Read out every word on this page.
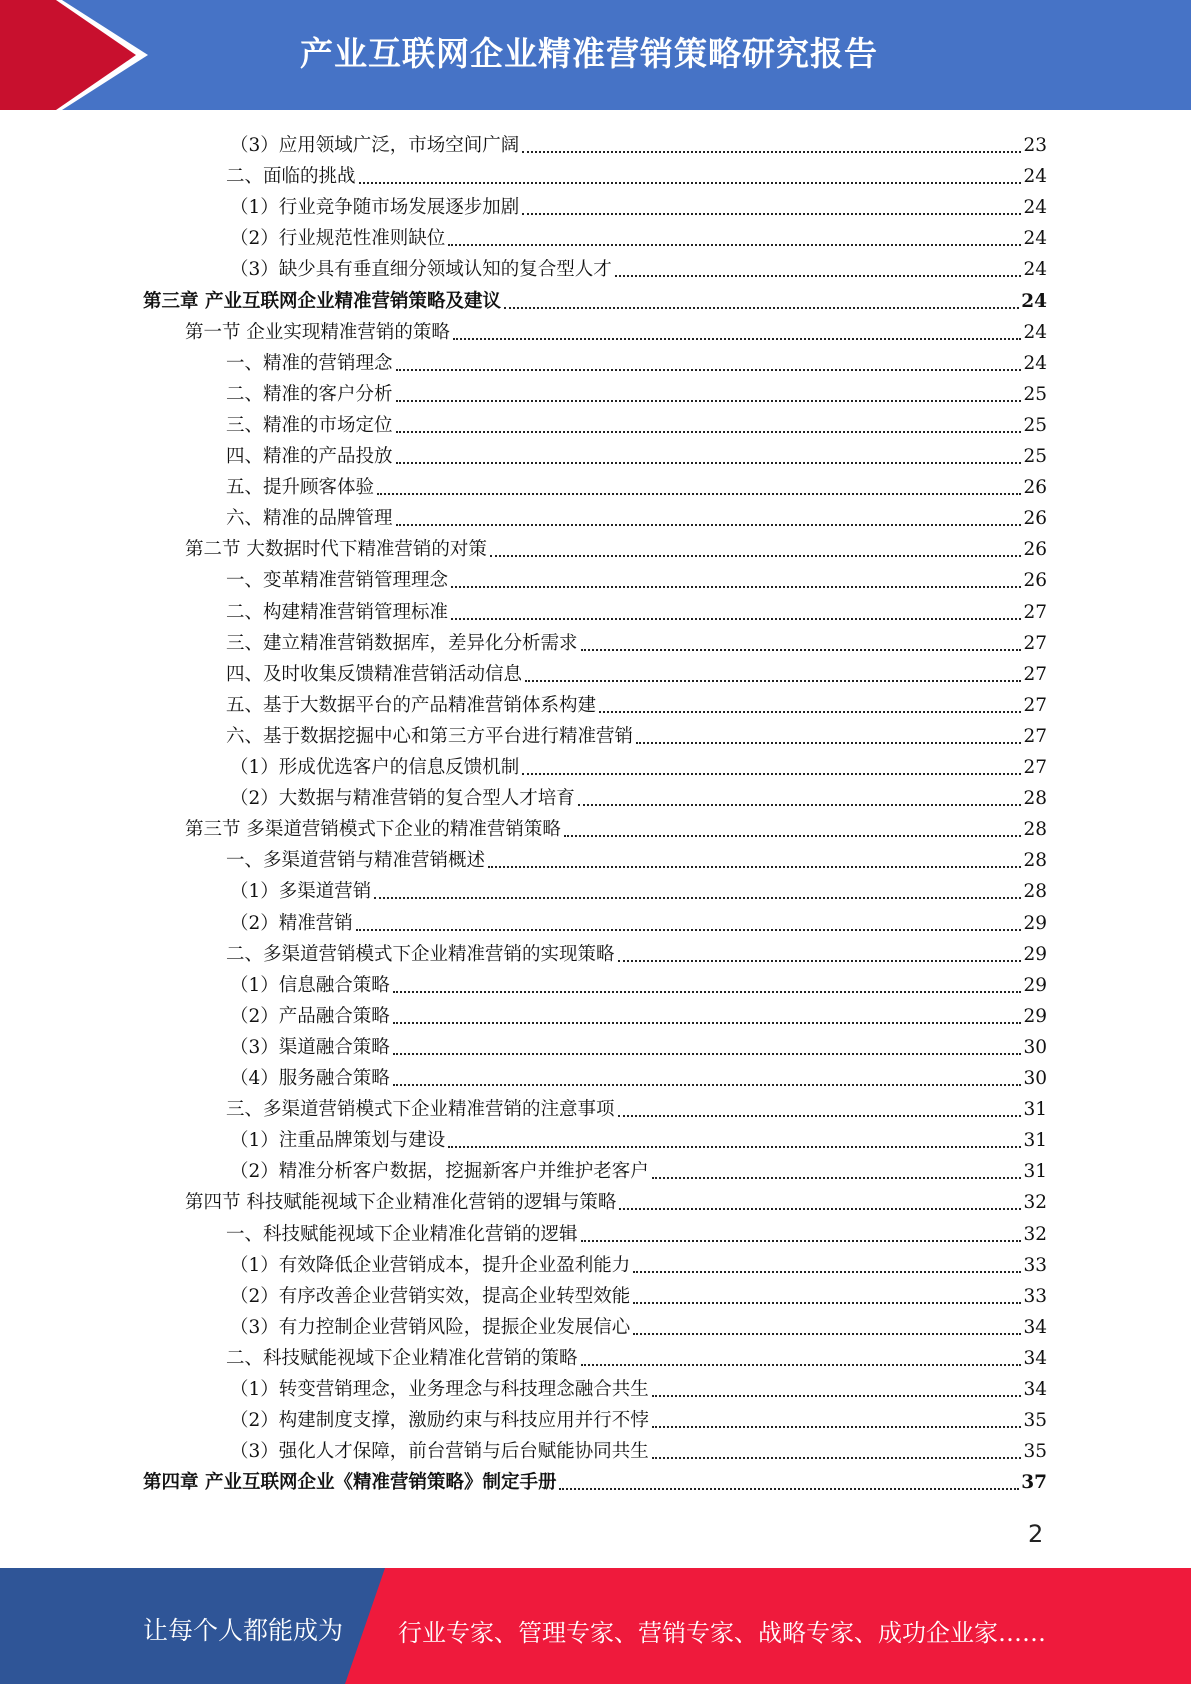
产业互联网企业精准营销策略研究报告
（3）应用领域广泛，市场空间广阔	23
二、面临的挑战	24
（1）行业竞争随市场发展逐步加剧	24
（2）行业规范性准则缺位	24
（3）缺少具有垂直细分领域认知的复合型人才	24
第三章 产业互联网企业精准营销策略及建议	24
第一节 企业实现精准营销的策略	24
一、精准的营销理念	24
二、精准的客户分析	25
三、精准的市场定位	25
四、精准的产品投放	25
五、提升顾客体验	26
六、精准的品牌管理	26
第二节 大数据时代下精准营销的对策	26
一、变革精准营销管理理念	26
二、构建精准营销管理标准	27
三、建立精准营销数据库，差异化分析需求	27
四、及时收集反馈精准营销活动信息	27
五、基于大数据平台的产品精准营销体系构建	27
六、基于数据挖掘中心和第三方平台进行精准营销	27
（1）形成优选客户的信息反馈机制	27
（2）大数据与精准营销的复合型人才培育	28
第三节 多渠道营销模式下企业的精准营销策略	28
一、多渠道营销与精准营销概述	28
（1）多渠道营销	28
（2）精准营销	29
二、多渠道营销模式下企业精准营销的实现策略	29
（1）信息融合策略	29
（2）产品融合策略	29
（3）渠道融合策略	30
（4）服务融合策略	30
三、多渠道营销模式下企业精准营销的注意事项	31
（1）注重品牌策划与建设	31
（2）精准分析客户数据，挖掘新客户并维护老客户	31
第四节 科技赋能视域下企业精准化营销的逻辑与策略	32
一、科技赋能视域下企业精准化营销的逻辑	32
（1）有效降低企业营销成本，提升企业盈利能力	33
（2）有序改善企业营销实效，提高企业转型效能	33
（3）有力控制企业营销风险，提振企业发展信心	34
二、科技赋能视域下企业精准化营销的策略	34
（1）转变营销理念，业务理念与科技理念融合共生	34
（2）构建制度支撑，激励约束与科技应用并行不悖	35
（3）强化人才保障，前台营销与后台赋能协同共生	35
第四章 产业互联网企业《精准营销策略》制定手册	37
2
让每个人都能成为 行业专家、管理专家、营销专家、战略专家、成功企业家……
